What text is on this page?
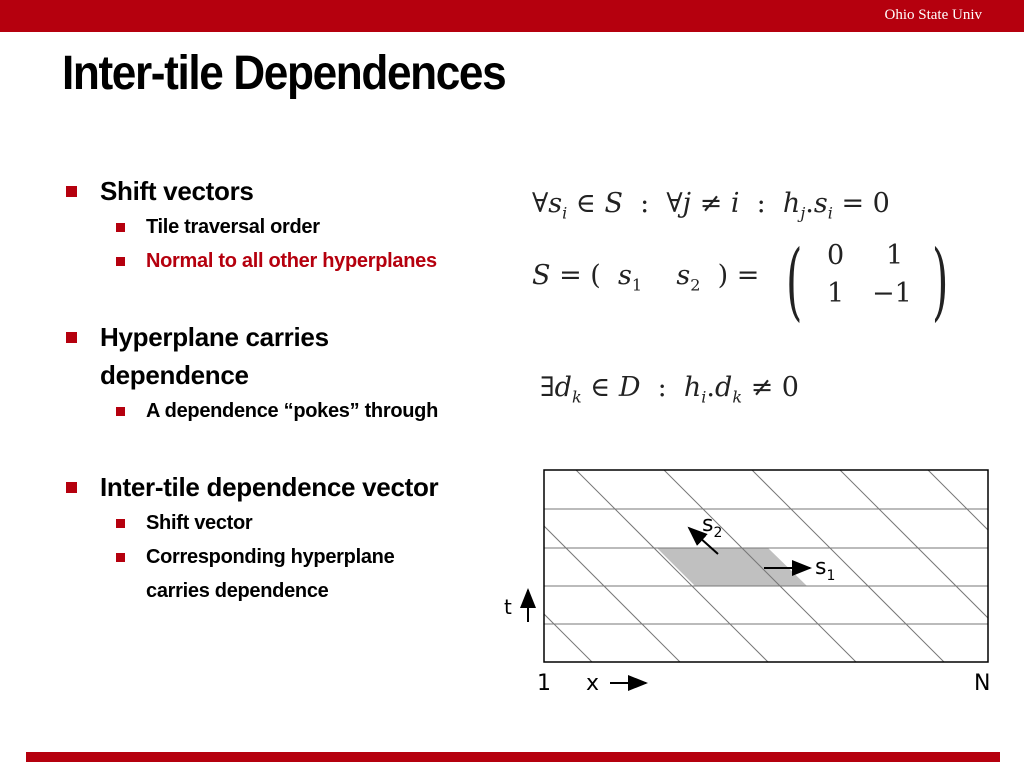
Ohio State Univ
Inter-tile Dependences
Shift vectors
Tile traversal order
Normal to all other hyperplanes
Hyperplane carries
dependence
A dependence “pokes” through
Inter-tile dependence vector
Shift vector
Corresponding hyperplane
carries dependence
$\forall s_i$ ∈ S  :  ∀j ≠ i  :  $h_j.s_i = 0$
S = (  $s_1$ $s_2$  ) = ( 0 1
1 −1 )
$\exists d_k$ ∈ D  :  $h_i.d_k \ne 0$
$s_2$
$s_1$
t
1 x	N
